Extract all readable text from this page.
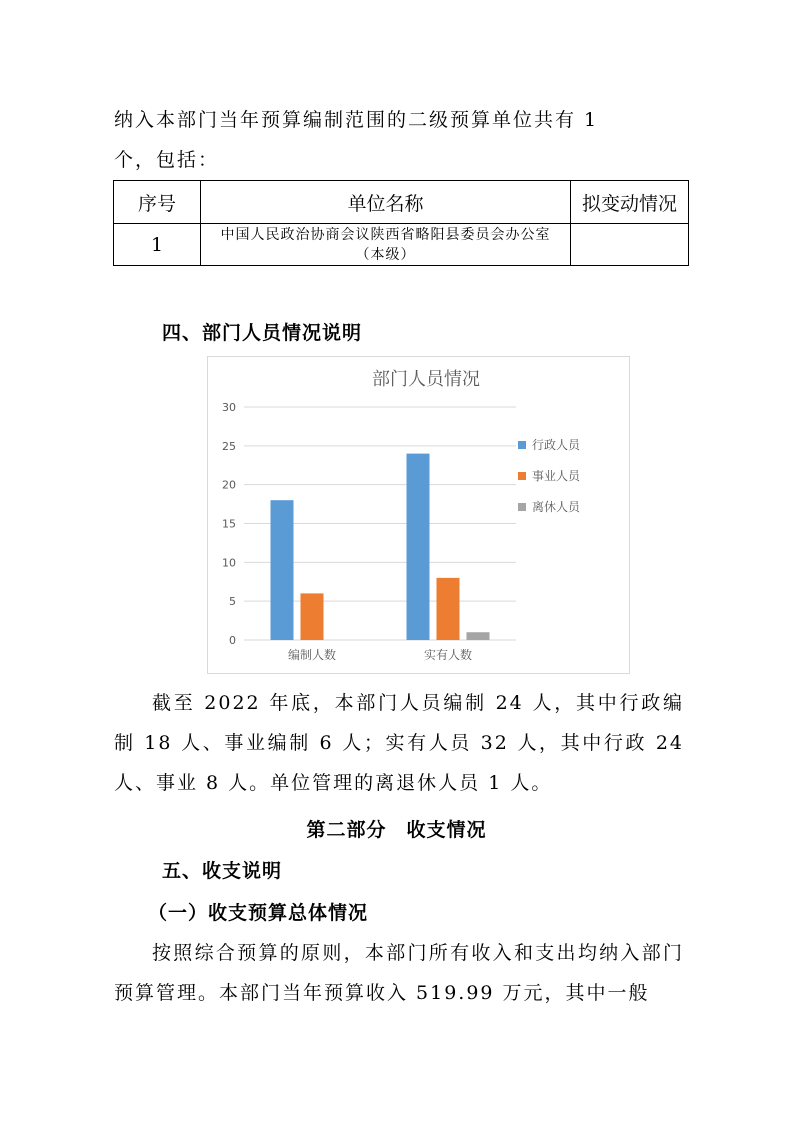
纳入本部门当年预算编制范围的二级预算单位共有 1

个，包括：

序号	单位名称	拟变动情况
1	中国人民政治协商会议陕西省略阳县委员会办公室（本级）	

四、部门人员情况说明

部门人员情况
0
5
10
15
20
25
30
编制人数	实有人数
行政人员
事业人员
离休人员

截至 2022 年底，本部门人员编制 24 人，其中行政编制 18 人、事业编制 6 人；实有人员 32 人，其中行政 24 人、事业 8 人。单位管理的离退休人员 1 人。

第二部分　收支情况

五、收支说明

（一）收支预算总体情况

按照综合预算的原则，本部门所有收入和支出均纳入部门预算管理。本部门当年预算收入 519.99 万元，其中一般
